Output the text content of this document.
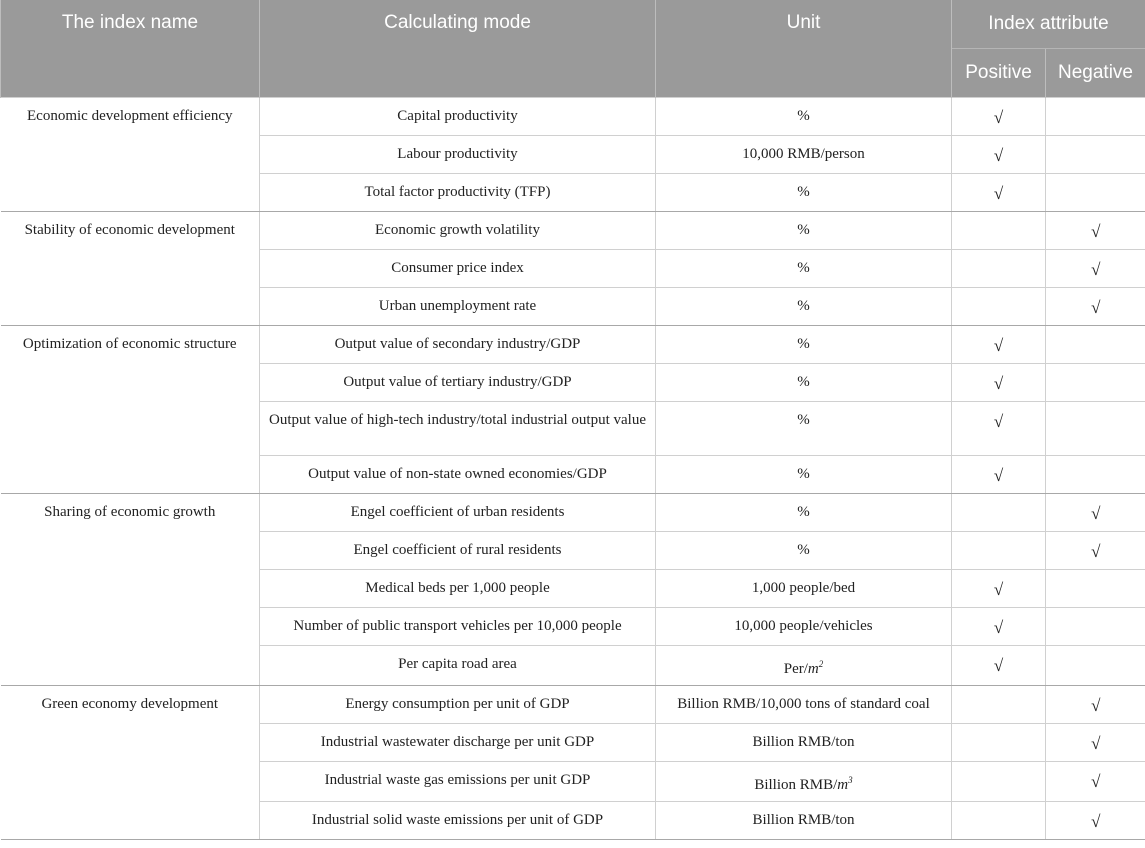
The index name	Calculating mode	Unit	Index attribute	
			Positive	Negative
Economic development efficiency	Capital productivity	%	√	
	Labour productivity	10,000 RMB/person	√	
	Total factor productivity (TFP)	%	√	
Stability of economic development	Economic growth volatility	%		√
	Consumer price index	%		√
	Urban unemployment rate	%		√
Optimization of economic structure	Output value of secondary industry/GDP	%	√	
	Output value of tertiary industry/GDP	%	√	
	Output value of high-tech industry/total industrial output value	%	√	
	Output value of non-state owned economies/GDP	%	√	
Sharing of economic growth	Engel coefficient of urban residents	%		√
	Engel coefficient of rural residents	%		√
	Medical beds per 1,000 people	1,000 people/bed	√	
	Number of public transport vehicles per 10,000 people	10,000 people/vehicles	√	
	Per capita road area	Per/$m^2$	√	
Green economy development	Energy consumption per unit of GDP	Billion RMB/10,000 tons of standard coal		√
	Industrial wastewater discharge per unit GDP	Billion RMB/ton		√
	Industrial waste gas emissions per unit GDP	Billion RMB/$m^3$		√
	Industrial solid waste emissions per unit of GDP	Billion RMB/ton		√
